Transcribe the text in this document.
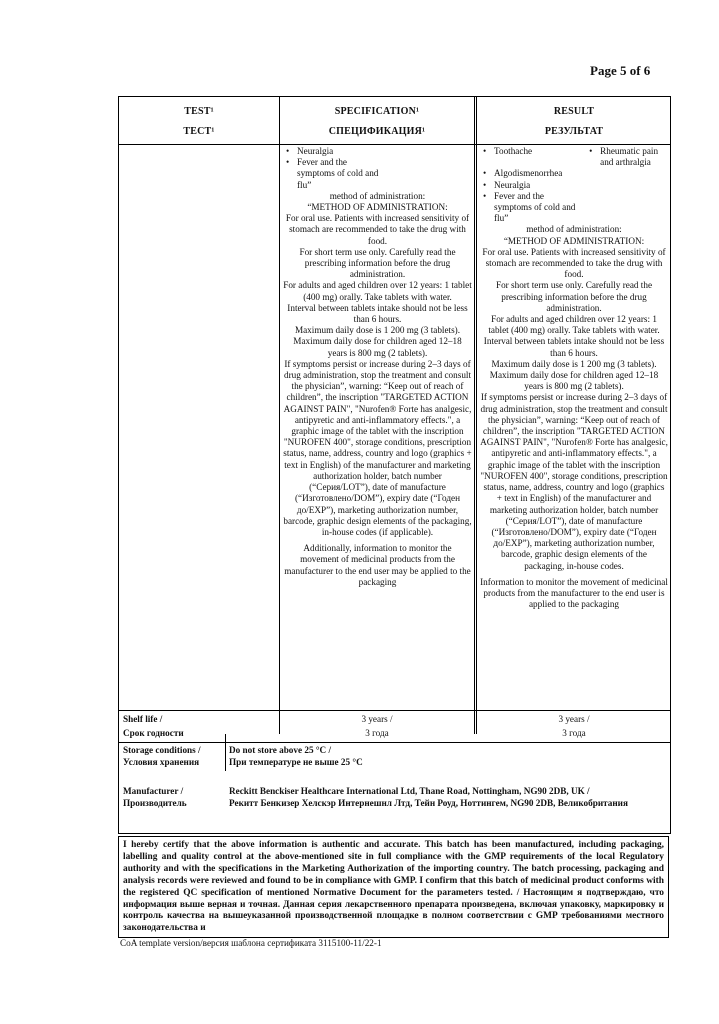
Page 5 of 6
TEST¹
ТЕСТ¹
SPECIFICATION¹
СПЕЦИФИКАЦИЯ¹
RESULT
РЕЗУЛЬТАТ
• Neuralgia
• Fever and the symptoms of cold and flu”
method of administration:
“METHOD OF ADMINISTRATION:
For oral use. Patients with increased sensitivity of stomach are recommended to take the drug with food.
For short term use only. Carefully read the prescribing information before the drug administration.
For adults and aged children over 12 years: 1 tablet (400 mg) orally. Take tablets with water.
Interval between tablets intake should not be less than 6 hours.
Maximum daily dose is 1 200 mg (3 tablets). Maximum daily dose for children aged 12–18 years is 800 mg (2 tablets).
If symptoms persist or increase during 2–3 days of drug administration, stop the treatment and consult the physician”, warning: “Keep out of reach of children”, the inscription "TARGETED ACTION AGAINST PAIN", "Nurofen® Forte has analgesic, antipyretic and anti-inflammatory effects.", a graphic image of the tablet with the inscription "NUROFEN 400", storage conditions, prescription status, name, address, country and logo (graphics + text in English) of the manufacturer and marketing authorization holder, batch number (“Серия/LOT”), date of manufacture (“Изготовлено/DOM”), expiry date (“Годен до/EXP”), marketing authorization number, barcode, graphic design elements of the packaging, in-house codes (if applicable).
Additionally, information to monitor the movement of medicinal products from the manufacturer to the end user may be applied to the packaging
• Toothache
•	Rheumatic pain and arthralgia
• Algodismenorrhea
• Neuralgia
• Fever and the symptoms of cold and flu”
method of administration:
“METHOD OF ADMINISTRATION:
For oral use. Patients with increased sensitivity of stomach are recommended to take the drug with food.
For short term use only. Carefully read the prescribing information before the drug administration.
For adults and aged children over 12 years: 1 tablet (400 mg) orally. Take tablets with water.
Interval between tablets intake should not be less than 6 hours.
Maximum daily dose is 1 200 mg (3 tablets). Maximum daily dose for children aged 12–18 years is 800 mg (2 tablets).
If symptoms persist or increase during 2–3 days of drug administration, stop the treatment and consult the physician”, warning: “Keep out of reach of children”, the inscription "TARGETED ACTION AGAINST PAIN", "Nurofen® Forte has analgesic, antipyretic and anti-inflammatory effects.", a graphic image of the tablet with the inscription "NUROFEN 400", storage conditions, prescription status, name, address, country and logo (graphics + text in English) of the manufacturer and marketing authorization holder, batch number (“Серия/LOT”), date of manufacture (“Изготовлено/DOM”), expiry date (“Годен до/EXP”), marketing authorization number, barcode, graphic design elements of the packaging, in-house codes.
Information to monitor the movement of medicinal products from the manufacturer to the end user is applied to the packaging
Shelf life /
Срок годности
3 years /
3 года
3 years /
3 года
Storage conditions /
Условия хранения
Do not store above 25 °C /
При температуре не выше 25 °C
Manufacturer /
Производитель
Reckitt Benckiser Healthcare International Ltd, Thane Road, Nottingham, NG90 2DB, UK /
Рекитт Бенкизер Хелскэр Интернешнл Лтд, Тейн Роуд, Ноттингем, NG90 2DB, Великобритания
I hereby certify that the above information is authentic and accurate. This batch has been manufactured, including packaging, labelling and quality control at the above-mentioned site in full compliance with the GMP requirements of the local Regulatory authority and with the specifications in the Marketing Authorization of the importing country. The batch processing, packaging and analysis records were reviewed and found to be in compliance with GMP. I confirm that this batch of medicinal product conforms with the registered QC specification of mentioned Normative Document for the parameters tested. / Настоящим я подтверждаю, что информация выше верная и точная. Данная серия лекарственного препарата произведена, включая упаковку, маркировку и контроль качества на вышеуказанной производственной площадке в полном соответствии с GMP требованиями местного законодательства и
CoA template version/версия шаблона сертификата 3115100-11/22-1
